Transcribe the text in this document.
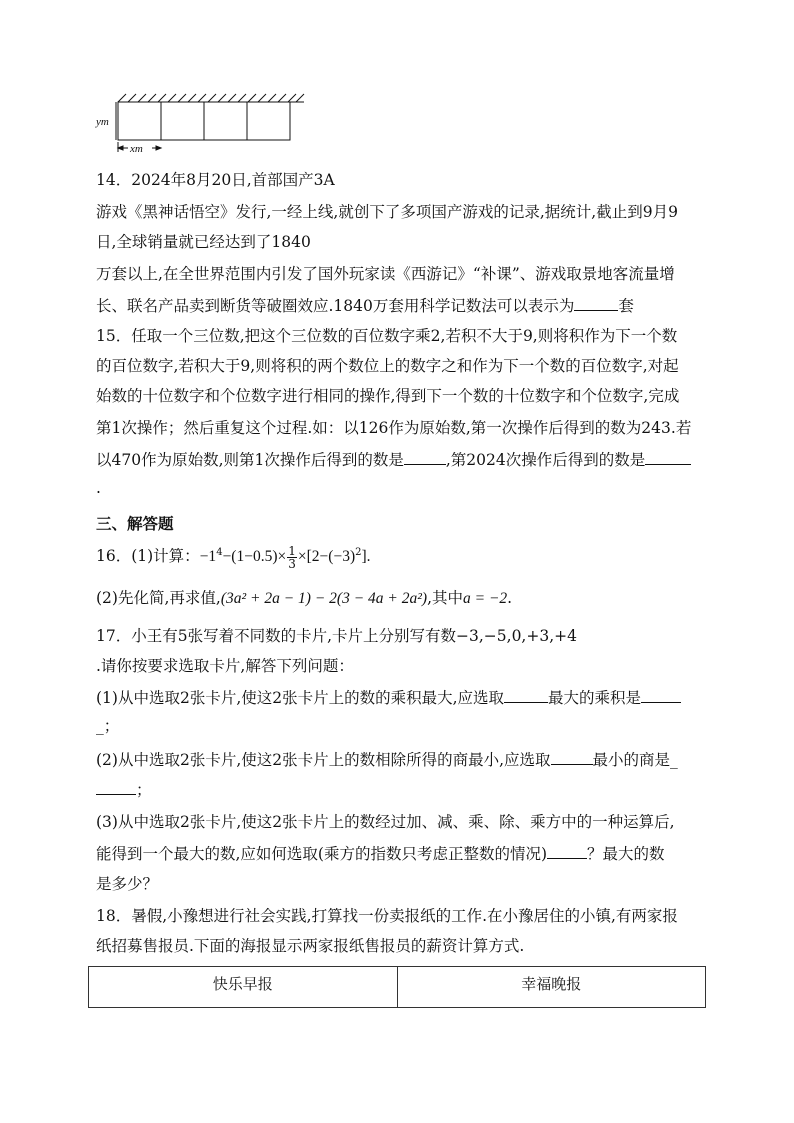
ym
xm
14．2024年8月20日,首部国产3A
游戏《黑神话悟空》发行,一经上线,就创下了多项国产游戏的记录,据统计,截止到9月9
日,全球销量就已经达到了1840
万套以上,在全世界范围内引发了国外玩家读《西游记》“补课”、游戏取景地客流量增
长、联名产品卖到断货等破圈效应.1840万套用科学记数法可以表示为	套
15．任取一个三位数,把这个三位数的百位数字乘2,若积不大于9,则将积作为下一个数
的百位数字,若积大于9,则将积的两个数位上的数字之和作为下一个数的百位数字,对起
始数的十位数字和个位数字进行相同的操作,得到下一个数的十位数字和个位数字,完成
第1次操作；然后重复这个过程.如：以126作为原始数,第一次操作后得到的数为243.若
以470作为原始数,则第1次操作后得到的数是	,第2024次操作后得到的数是
.
三、解答题
16．(1)计算：$-1^4-(1-0.5)\times \frac{1}{3} \times[2-(-3)^2]$.
(2)先化简,再求值,(3a² + 2a − 1) − 2(3 − 4a + 2a²),其中a = −2.
17．小王有5张写着不同数的卡片,卡片上分别写有数−3,−5,0,+3,+4
.请你按要求选取卡片,解答下列问题：
(1)从中选取2张卡片,使这2张卡片上的数的乘积最大,应选取	最大的乘积是
_；
(2)从中选取2张卡片,使这2张卡片上的数相除所得的商最小,应选取	最小的商是_
；
(3)从中选取2张卡片,使这2张卡片上的数经过加、减、乘、除、乘方中的一种运算后,
能得到一个最大的数,应如何选取(乘方的指数只考虑正整数的情况)	？最大的数
是多少？
18．暑假,小豫想进行社会实践,打算找一份卖报纸的工作.在小豫居住的小镇,有两家报
纸招募售报员.下面的海报显示两家报纸售报员的薪资计算方式.
快乐早报	幸福晚报
